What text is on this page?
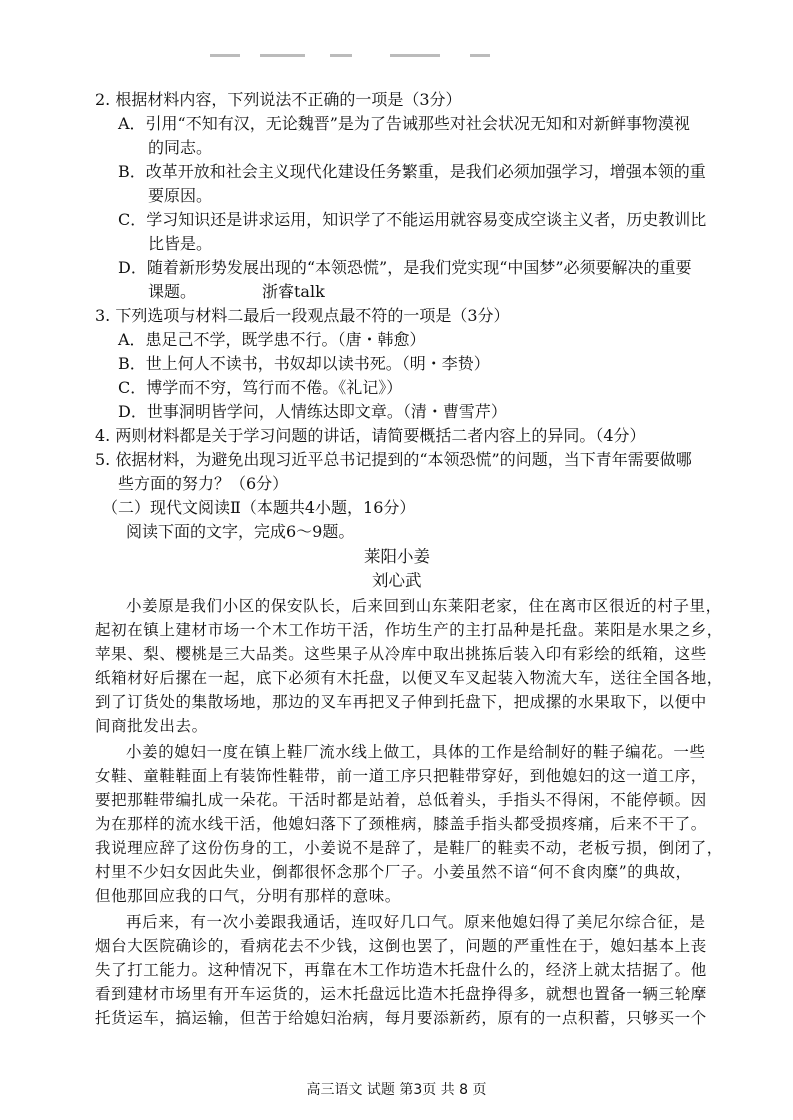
2. 根据材料内容，下列说法不正确的一项是（3分）
A．引用“不知有汉，无论魏晋”是为了告诫那些对社会状况无知和对新鲜事物漠视
的同志。
B．改革开放和社会主义现代化建设任务繁重，是我们必须加强学习，增强本领的重
要原因。
C．学习知识还是讲求运用，知识学了不能运用就容易变成空谈主义者，历史教训比
比皆是。
D．随着新形势发展出现的“本领恐慌”，是我们党实现“中国梦”必须要解决的重要
课题。	浙睿talk
3. 下列选项与材料二最后一段观点最不符的一项是（3分）
A．患足己不学，既学患不行。（唐・韩愈）
B．世上何人不读书，书奴却以读书死。（明・李贽）
C．博学而不穷，笃行而不倦。《礼记》）
D．世事洞明皆学问，人情练达即文章。（清・曹雪芹）
4. 两则材料都是关于学习问题的讲话，请简要概括二者内容上的异同。（4分）
5. 依据材料，为避免出现习近平总书记提到的“本领恐慌”的问题，当下青年需要做哪
些方面的努力？（6分）
（二）现代文阅读Ⅱ（本题共4小题，16分）
阅读下面的文字，完成6～9题。
莱阳小姜
刘心武
小姜原是我们小区的保安队长，后来回到山东莱阳老家，住在离市区很近的村子里，
起初在镇上建材市场一个木工作坊干活，作坊生产的主打品种是托盘。莱阳是水果之乡，
苹果、梨、樱桃是三大品类。这些果子从冷库中取出挑拣后装入印有彩绘的纸箱，这些
纸箱材好后摞在一起，底下必须有木托盘，以便叉车叉起装入物流大车，送往全国各地，
到了订货处的集散场地，那边的叉车再把叉子伸到托盘下，把成摞的水果取下，以便中
间商批发出去。
小姜的媳妇一度在镇上鞋厂流水线上做工，具体的工作是给制好的鞋子编花。一些
女鞋、童鞋鞋面上有装饰性鞋带，前一道工序只把鞋带穿好，到他媳妇的这一道工序，
要把那鞋带编扎成一朵花。干活时都是站着，总低着头，手指头不得闲，不能停顿。因
为在那样的流水线干活，他媳妇落下了颈椎病，膝盖手指头都受损疼痛，后来不干了。
我说理应辞了这份伤身的工，小姜说不是辞了，是鞋厂的鞋卖不动，老板亏损，倒闭了，
村里不少妇女因此失业，倒都很怀念那个厂子。小姜虽然不谙“何不食肉糜”的典故，
但他那回应我的口气，分明有那样的意味。
再后来，有一次小姜跟我通话，连叹好几口气。原来他媳妇得了美尼尔综合征，是
烟台大医院确诊的，看病花去不少钱，这倒也罢了，问题的严重性在于，媳妇基本上丧
失了打工能力。这种情况下，再靠在木工作坊造木托盘什么的，经济上就太拮据了。他
看到建材市场里有开车运货的，运木托盘远比造木托盘挣得多，就想也置备一辆三轮摩
托货运车，搞运输，但苦于给媳妇治病，每月要添新药，原有的一点积蓄，只够买一个
高三语文 试题 第3页 共 8 页
